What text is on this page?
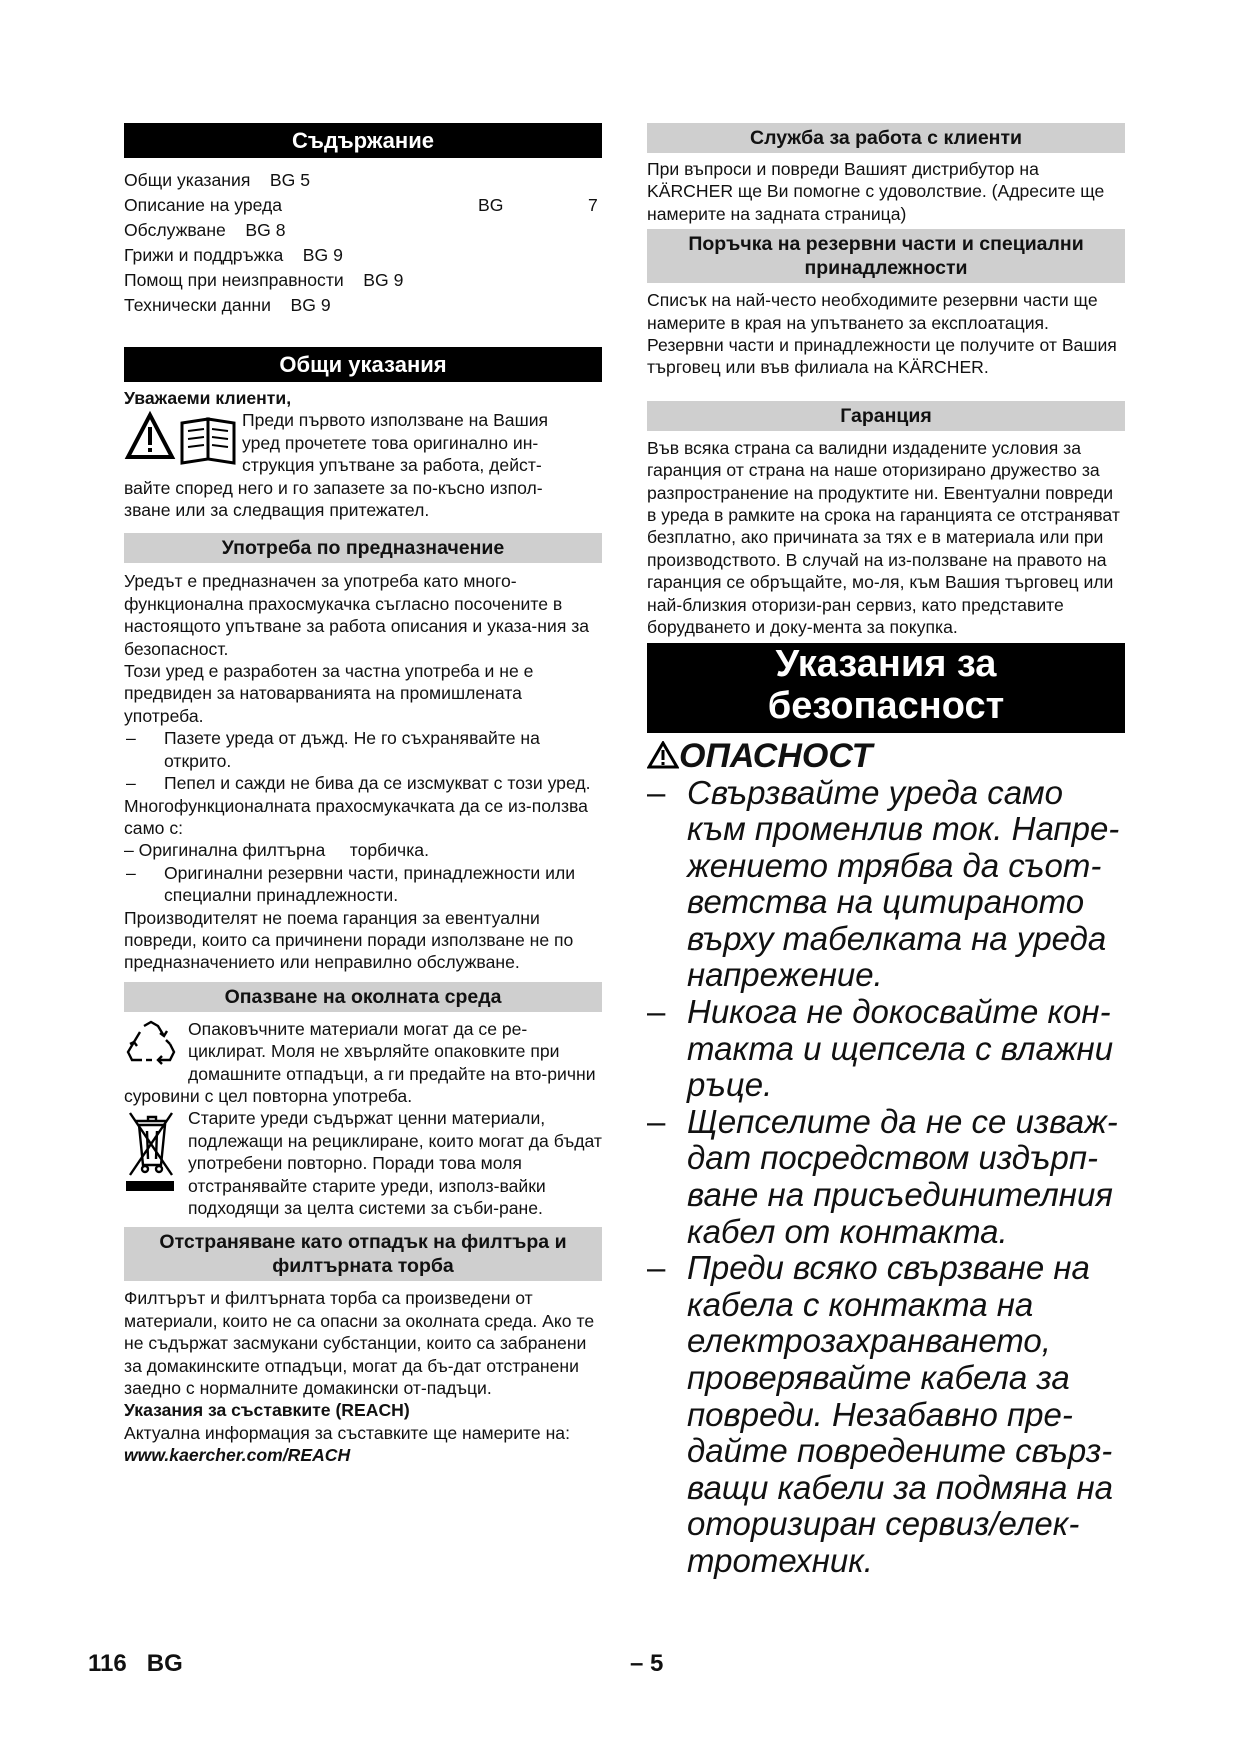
Съдържание
Общи указания BG 5
Описание на уреда	BG	7
Обслужване BG 8
Грижи и поддръжка BG 9
Помощ при неизправности BG 9
Технически данни BG 9
Общи указания
Уважаеми клиенти,
Преди първото използване на Вашия
уред прочетете това оригинално ин-
струкция упътване за работа, дейст-
вайте според него и го запазете за по-късно изпол-
зване или за следващия притежател.
Употреба по предназначение

Уредът е предназначен за употреба като много-функционална прахосмукачка съгласно посочените в настоящото упътване за работа описания и указа-ния за безопасност.

Този уред е разработен за частна употреба и не е предвиден за натоварванията на промишлената употреба.

– Пазете уреда от дъжд. Не го съхранявайте на открито.
– Пепел и сажди не бива да се изсмукват с този уред.

Многофункционалната прахосмукачката да се из-ползва само с:

– Оригинална филтърна     торбичка.

– Оригинални резервни части, принадлежности или специални принадлежности.

Производителят не поема гаранция за евентуални повреди, които са причинени поради използване не по предназначението или неправилно обслужване.

Опазване на околната среда

Опаковъчните материали могат да се ре-циклират. Моля не хвърляйте опаковките при домашните отпадъци, а ги предайте на вто-рични суровини с цел повторна употреба.

Старите уреди съдържат ценни материали, подлежащи на рециклиране, които могат да бъдат употребени повторно. Поради това моля отстранявайте старите уреди, използ-вайки подходящи за целта системи за съби-ране.

Отстраняване като отпадък на филтъра и филтърната торба

Филтърът и филтърната торба са произведени от материали, които не са опасни за околната среда. Ако те не съдържат засмукани субстанции, които са забранени за домакинските отпадъци, могат да бъ-дат отстранени заедно с нормалните домакински от-падъци.

Указания за съставките (REACH)

Актуална информация за съставките ще намерите на:

www.kaercher.com/REACH

Служба за работа с клиенти

При въпроси и повреди Вашият дистрибутор на KÄRCHER ще Ви помогне с удоволствие. (Адресите ще намерите на задната страница)

Поръчка на резервни части и специални принадлежности

Списък на най-често необходимите резервни части ще намерите в края на упътването за експлоатация. Резервни части и принадлежности це получите от Вашия търговец или във филиала на KÄRCHER.

Гаранция

Във всяка страна са валидни издадените условия за гаранция от страна на наше оторизирано дружество за разпространение на продуктите ни. Евентуални повреди в уреда в рамките на срока на гаранцията се отстраняват безплатно, ако причината за тях е в материала или при производството. В случай на из-ползване на правото на гаранция се обръщайте, мо-ля, към Вашия търговец или най-близкия оторизи-ран сервиз, като представите борудването и доку-мента за покупка.

Указания за
безопасност
ОПАСНОСТ
– Свързвайте уреда само към променлив ток. Напре-жението трябва да съот-ветства на цитираното върху табелката на уреда напрежение.
– Никога не докосвайте кон-такта и щепсела с влажни ръце.
– Щепселите да не се изваж-дат посредством издърп-ване на присъединителния кабел от контакта.
– Преди всяко свързване на кабела с контакта на електрозахранването, проверявайте кабела за повреди. Незабавно пре-дайте повредените свърз-ващи кабели за подмяна на оторизиран сервиз/елек-тротехник.
116 BG	– 5
